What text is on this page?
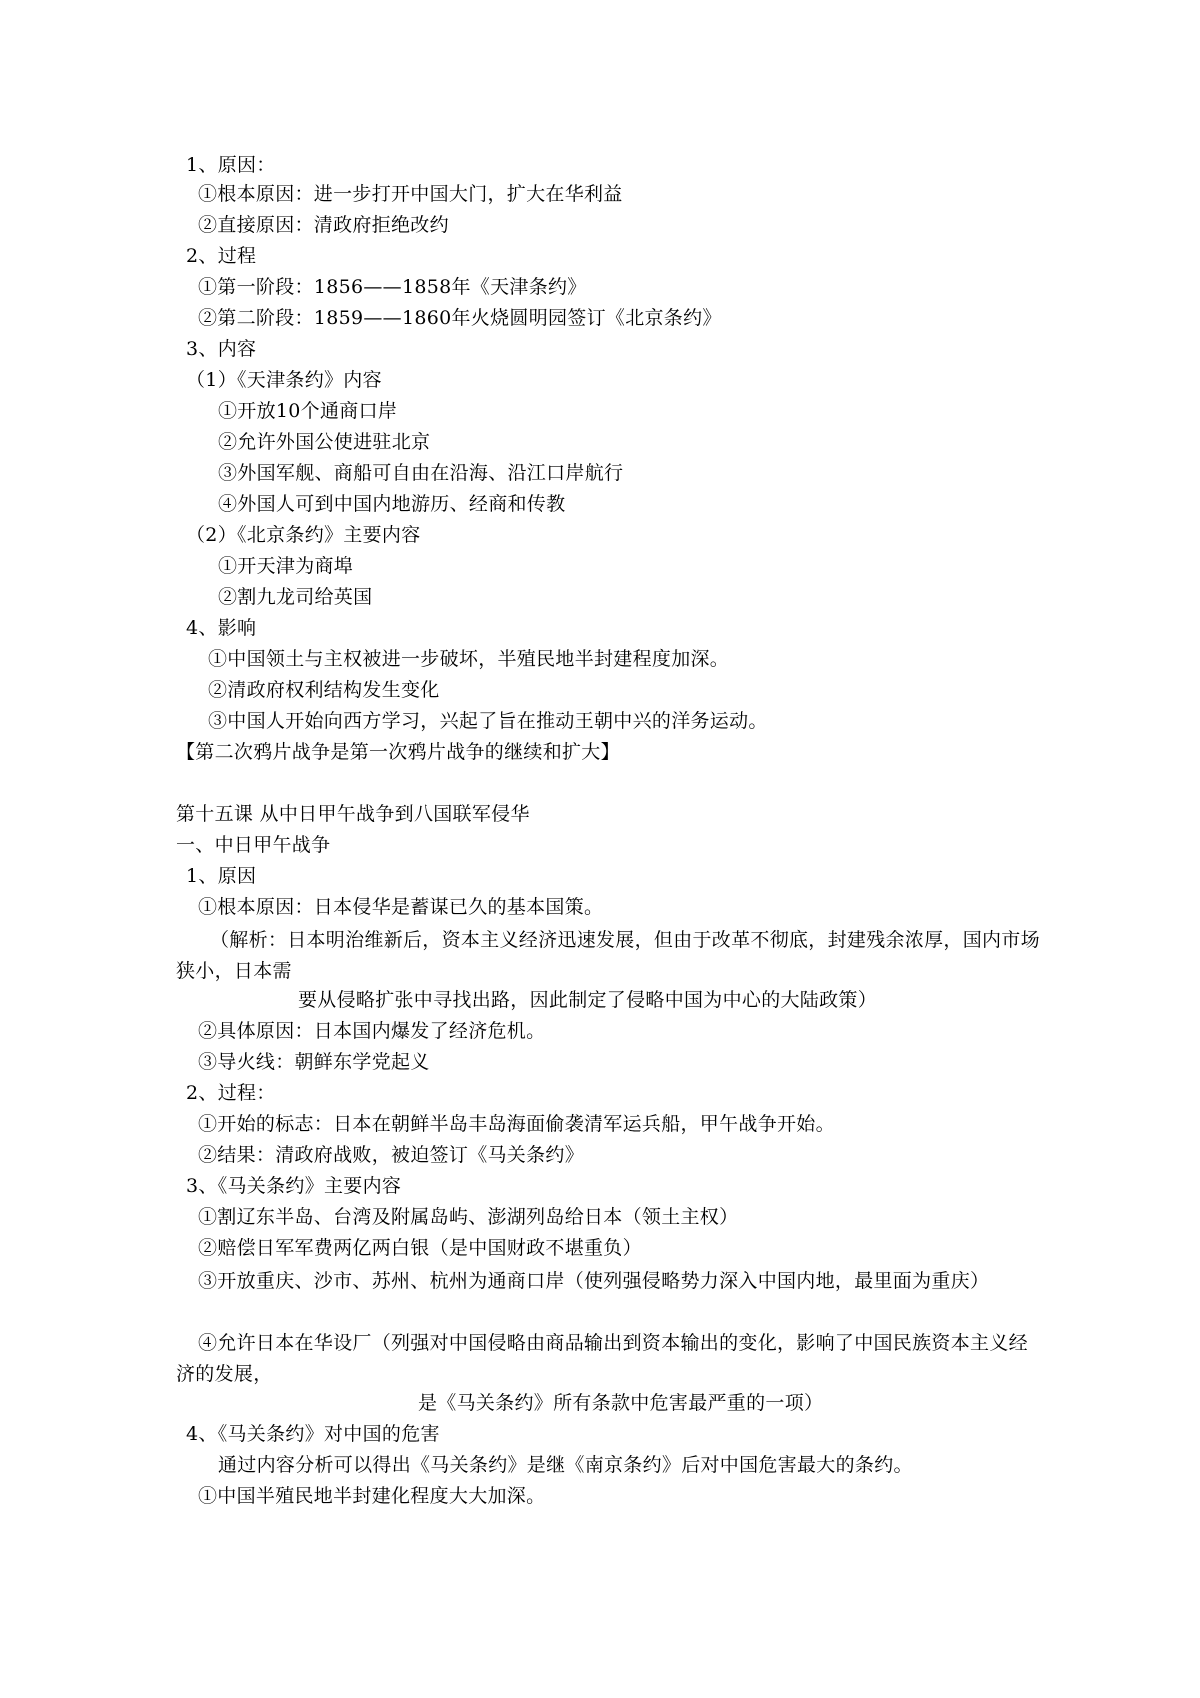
1、原因：
①根本原因：进一步打开中国大门，扩大在华利益
②直接原因：清政府拒绝改约
2、过程
①第一阶段：1856——1858年《天津条约》
②第二阶段：1859——1860年火烧圆明园签订《北京条约》
3、内容
（1）《天津条约》内容
①开放10个通商口岸
②允许外国公使进驻北京
③外国军舰、商船可自由在沿海、沿江口岸航行
④外国人可到中国内地游历、经商和传教
（2）《北京条约》主要内容
①开天津为商埠
②割九龙司给英国
4、影响
①中国领土与主权被进一步破坏，半殖民地半封建程度加深。
②清政府权利结构发生变化
③中国人开始向西方学习，兴起了旨在推动王朝中兴的洋务运动。
【第二次鸦片战争是第一次鸦片战争的继续和扩大】
第十五课 从中日甲午战争到八国联军侵华
一、中日甲午战争
1、原因
①根本原因：日本侵华是蓄谋已久的基本国策。
（解析：日本明治维新后，资本主义经济迅速发展，但由于改革不彻底，封建残余浓厚，国内市场狭小，日本需
要从侵略扩张中寻找出路，因此制定了侵略中国为中心的大陆政策）
②具体原因：日本国内爆发了经济危机。
③导火线：朝鲜东学党起义
2、过程：
①开始的标志：日本在朝鲜半岛丰岛海面偷袭清军运兵船，甲午战争开始。
②结果：清政府战败，被迫签订《马关条约》
3、《马关条约》主要内容
①割辽东半岛、台湾及附属岛屿、澎湖列岛给日本（领土主权）
②赔偿日军军费两亿两白银（是中国财政不堪重负）
③开放重庆、沙市、苏州、杭州为通商口岸（使列强侵略势力深入中国内地，最里面为重庆）
④允许日本在华设厂（列强对中国侵略由商品输出到资本输出的变化，影响了中国民族资本主义经济的发展，
是《马关条约》所有条款中危害最严重的一项）
4、《马关条约》对中国的危害
通过内容分析可以得出《马关条约》是继《南京条约》后对中国危害最大的条约。
①中国半殖民地半封建化程度大大加深。
